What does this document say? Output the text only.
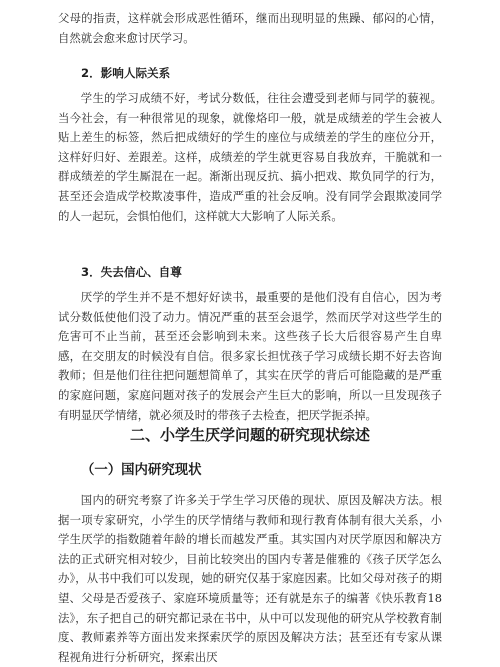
父母的指责，这样就会形成恶性循环，继而出现明显的焦躁、郁闷的心情，自然就会愈来愈讨厌学习。

2．影响人际关系

学生的学习成绩不好，考试分数低，往往会遭受到老师与同学的藐视。当今社会，有一种很常见的现象，就像烙印一般，就是成绩差的学生会被人贴上差生的标签，然后把成绩好的学生的座位与成绩差的学生的座位分开，这样好归好、差跟差。这样，成绩差的学生就更容易自我放弃，干脆就和一群成绩差的学生厮混在一起。渐渐出现反抗、搞小把戏、欺负同学的行为，甚至还会造成学校欺凌事件，造成严重的社会反响。没有同学会跟欺凌同学的人一起玩，会惧怕他们，这样就大大影响了人际关系。

3．失去信心、自尊

厌学的学生并不是不想好好读书，最重要的是他们没有自信心，因为考试分数低使他们没了动力。情况严重的甚至会退学，然而厌学对这些学生的危害可不止当前，甚至还会影响到未来。这些孩子长大后很容易产生自卑感，在交朋友的时候没有自信。很多家长担忧孩子学习成绩长期不好去咨询教师；但是他们往往把问题想简单了，其实在厌学的背后可能隐藏的是严重的家庭问题，家庭问题对孩子的发展会产生巨大的影响，所以一旦发现孩子有明显厌学情绪，就必须及时的带孩子去检查，把厌学扼杀掉。

二、小学生厌学问题的研究现状综述

（一）国内研究现状

国内的研究考察了许多关于学生学习厌倦的现状、原因及解决方法。根据一项专家研究，小学生的厌学情绪与教师和现行教育体制有很大关系，小学生厌学的指数随着年龄的增长而越发严重。其实国内对厌学原因和解决方法的正式研究相对较少，目前比较突出的国内专著是催雅的《孩子厌学怎么办》，从书中我们可以发现，她的研究仅基于家庭因素。比如父母对孩子的期望、父母是否爱孩子、家庭环境质量等；还有就是东子的编著《快乐教育18法》，东子把自己的研究都记录在书中，从中可以发现他的研究从学校教育制度、教师素养等方面出发来探索厌学的原因及解决方法；甚至还有专家从课程视角进行分析研究，探索出厌
